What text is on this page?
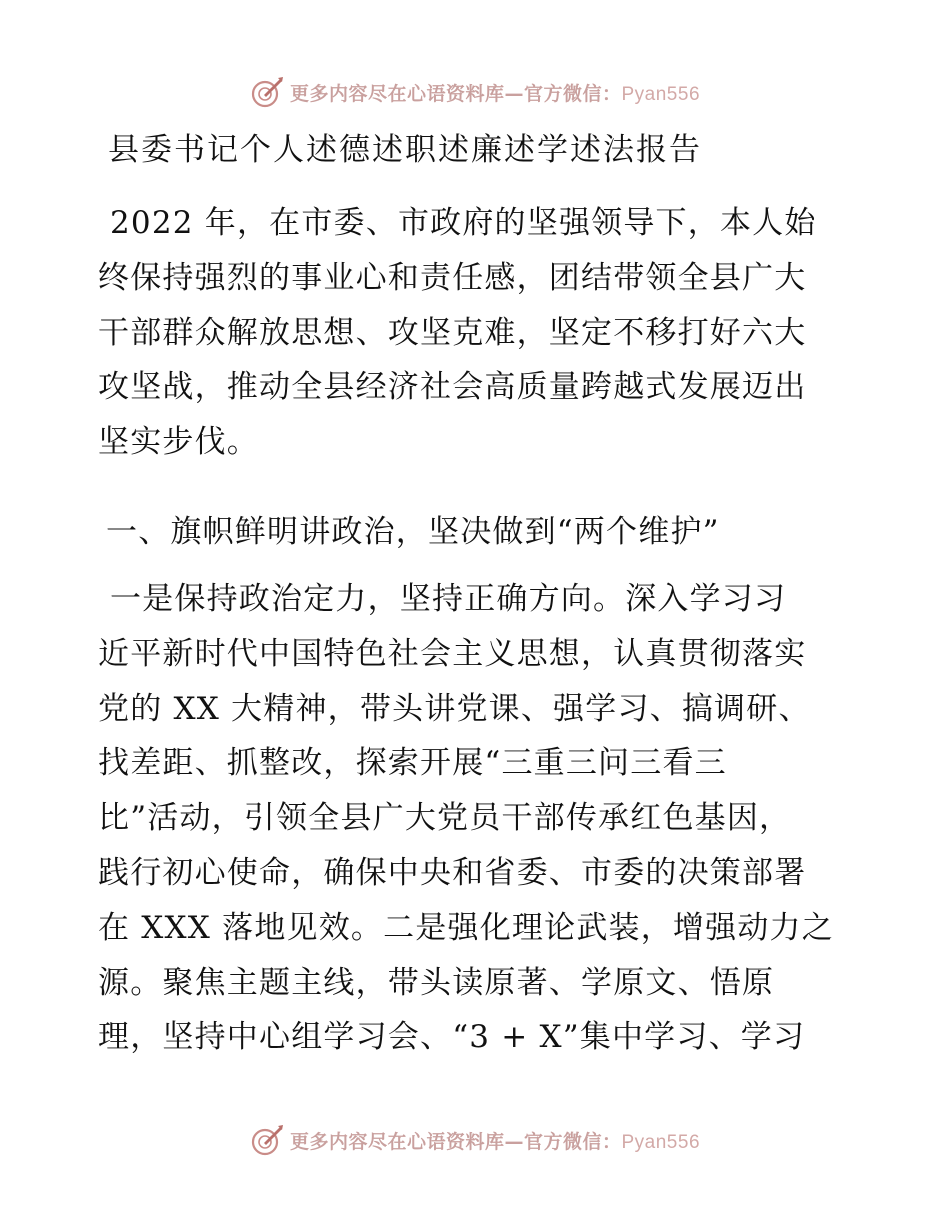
更多内容尽在心语资料库—官方微信：Pyan556
县委书记个人述德述职述廉述学述法报告

2022 年，在市委、市政府的坚强领导下，本人始
终保持强烈的事业心和责任感，团结带领全县广大
干部群众解放思想、攻坚克难，坚定不移打好六大
攻坚战，推动全县经济社会高质量跨越式发展迈出
坚实步伐。

一、旗帜鲜明讲政治，坚决做到“两个维护”

一是保持政治定力，坚持正确方向。深入学习习
近平新时代中国特色社会主义思想，认真贯彻落实
党的 XX 大精神，带头讲党课、强学习、搞调研、
找差距、抓整改，探索开展“三重三问三看三
比”活动，引领全县广大党员干部传承红色基因，
践行初心使命，确保中央和省委、市委的决策部署
在 XXX 落地见效。二是强化理论武装，增强动力之
源。聚焦主题主线，带头读原著、学原文、悟原
理，坚持中心组学习会、“3 + X”集中学习、学习

更多内容尽在心语资料库—官方微信：Pyan556
